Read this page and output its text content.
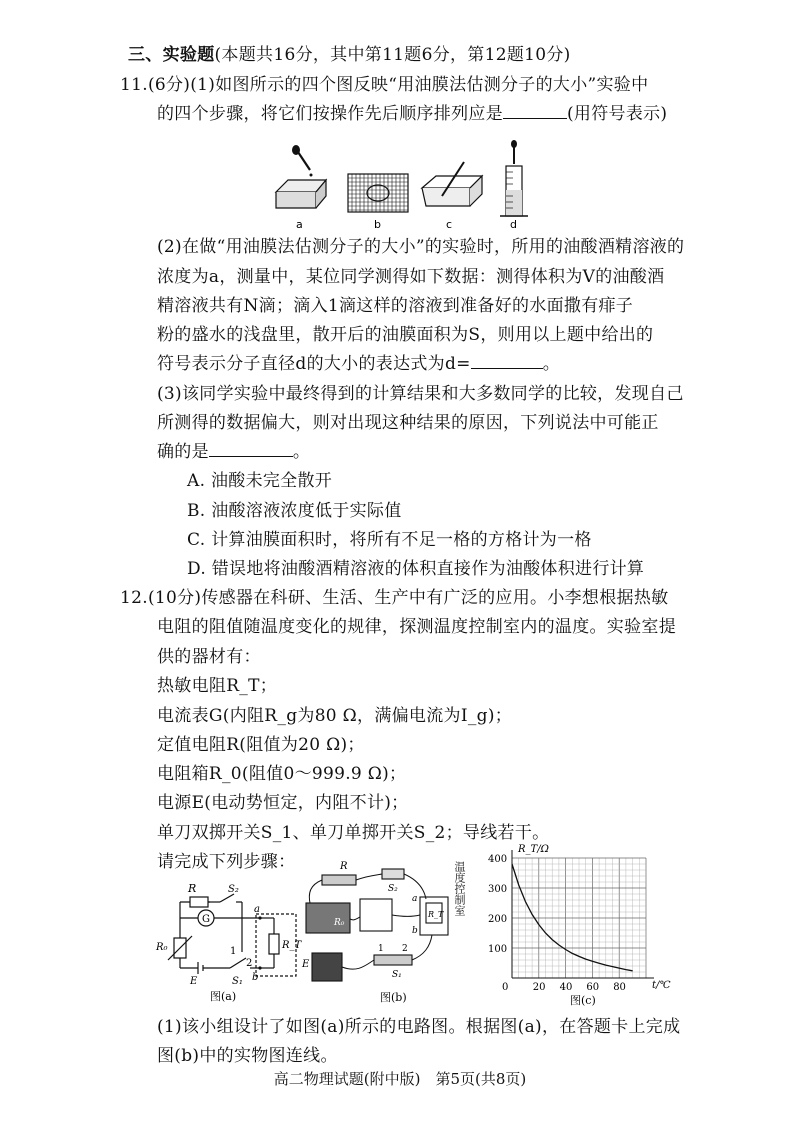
三、实验题(本题共16分，其中第11题6分，第12题10分)
11.(6分)(1)如图所示的四个图反映“用油膜法估测分子的大小”实验中
的四个步骤，将它们按操作先后顺序排列应是	(用符号表示)
a	b	c	d
(2)在做“用油膜法估测分子的大小”的实验时，所用的油酸酒精溶液的
浓度为a，测量中，某位同学测得如下数据：测得体积为V的油酸酒
精溶液共有N滴；滴入1滴这样的溶液到准备好的水面撒有痱子
粉的盛水的浅盘里，散开后的油膜面积为S，则用以上题中给出的
符号表示分子直径d的大小的表达式为d=	。
(3)该同学实验中最终得到的计算结果和大多数同学的比较，发现自己
所测得的数据偏大，则对出现这种结果的原因，下列说法中可能正
确的是	。
A. 油酸未完全散开
B. 油酸溶液浓度低于实际值
C. 计算油膜面积时，将所有不足一格的方格计为一格
D. 错误地将油酸酒精溶液的体积直接作为油酸体积进行计算
12.(10分)传感器在科研、生活、生产中有广泛的应用。小李想根据热敏
电阻的阻值随温度变化的规律，探测温度控制室内的温度。实验室提
供的器材有：
热敏电阻R_T；
电流表G(内阻R_g为80 Ω，满偏电流为I_g)；
定值电阻R(阻值为20 Ω)；
电阻箱R_0(阻值0～999.9 Ω)；
电源E(电动势恒定，内阻不计)；
单刀双掷开关S_1、单刀单掷开关S_2；导线若干。
请完成下列步骤：
R	S₂
G
R₀
E	S₁
1
2
a
b
R_T
图(a)
R
R₀
S₂
R_T
E
S₁
1 2
a
b
温度控制室
图(b)
0 20 40 60 80
100
200
300
400
R_T/Ω
t/℃
图(c)
(1)该小组设计了如图(a)所示的电路图。根据图(a)，在答题卡上完成
图(b)中的实物图连线。
高二物理试题(附中版)　第5页(共8页)
